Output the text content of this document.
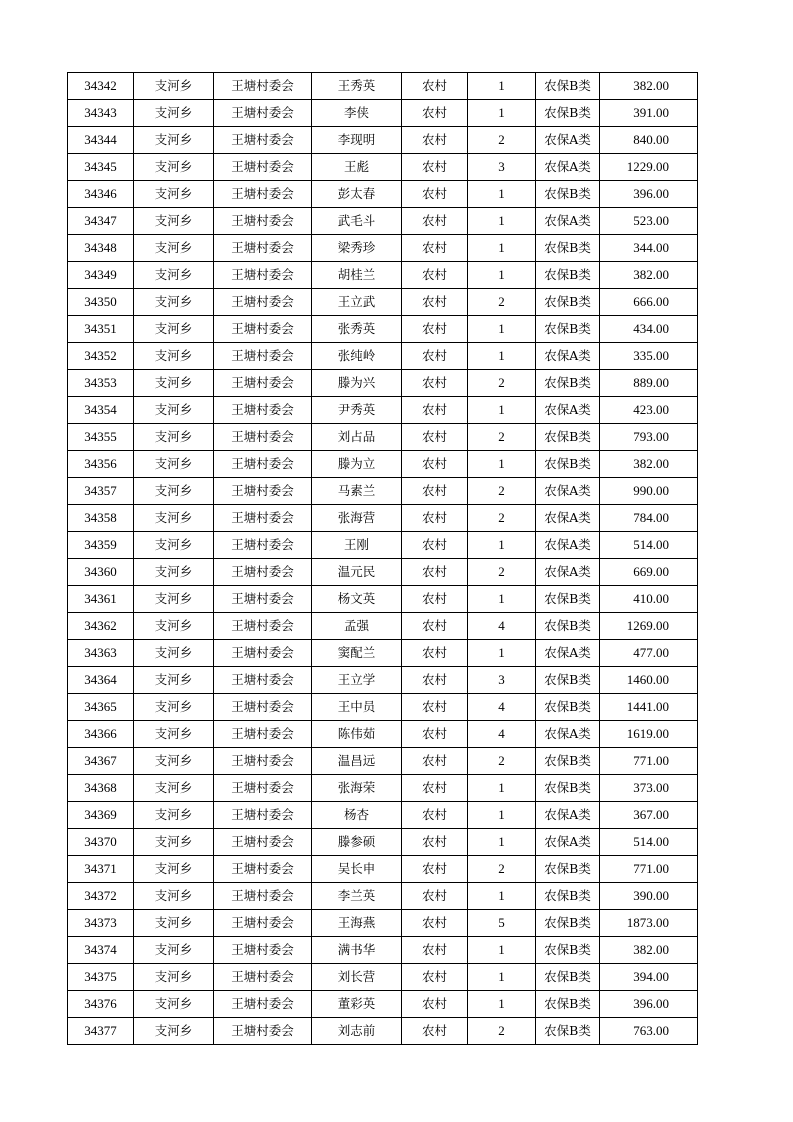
34342	支河乡	王塘村委会	王秀英	农村	1	农保B类	382.00
34343	支河乡	王塘村委会	李侠	农村	1	农保B类	391.00
34344	支河乡	王塘村委会	李现明	农村	2	农保A类	840.00
34345	支河乡	王塘村委会	王彪	农村	3	农保A类	1229.00
34346	支河乡	王塘村委会	彭太春	农村	1	农保B类	396.00
34347	支河乡	王塘村委会	武毛斗	农村	1	农保A类	523.00
34348	支河乡	王塘村委会	梁秀珍	农村	1	农保B类	344.00
34349	支河乡	王塘村委会	胡桂兰	农村	1	农保B类	382.00
34350	支河乡	王塘村委会	王立武	农村	2	农保B类	666.00
34351	支河乡	王塘村委会	张秀英	农村	1	农保B类	434.00
34352	支河乡	王塘村委会	张纯岭	农村	1	农保A类	335.00
34353	支河乡	王塘村委会	滕为兴	农村	2	农保B类	889.00
34354	支河乡	王塘村委会	尹秀英	农村	1	农保A类	423.00
34355	支河乡	王塘村委会	刘占品	农村	2	农保B类	793.00
34356	支河乡	王塘村委会	滕为立	农村	1	农保B类	382.00
34357	支河乡	王塘村委会	马素兰	农村	2	农保A类	990.00
34358	支河乡	王塘村委会	张海营	农村	2	农保A类	784.00
34359	支河乡	王塘村委会	王刚	农村	1	农保A类	514.00
34360	支河乡	王塘村委会	温元民	农村	2	农保A类	669.00
34361	支河乡	王塘村委会	杨文英	农村	1	农保B类	410.00
34362	支河乡	王塘村委会	孟强	农村	4	农保B类	1269.00
34363	支河乡	王塘村委会	窦配兰	农村	1	农保A类	477.00
34364	支河乡	王塘村委会	王立学	农村	3	农保B类	1460.00
34365	支河乡	王塘村委会	王中员	农村	4	农保B类	1441.00
34366	支河乡	王塘村委会	陈伟茹	农村	4	农保A类	1619.00
34367	支河乡	王塘村委会	温昌远	农村	2	农保B类	771.00
34368	支河乡	王塘村委会	张海荣	农村	1	农保B类	373.00
34369	支河乡	王塘村委会	杨杏	农村	1	农保A类	367.00
34370	支河乡	王塘村委会	滕参硕	农村	1	农保A类	514.00
34371	支河乡	王塘村委会	吴长申	农村	2	农保B类	771.00
34372	支河乡	王塘村委会	李兰英	农村	1	农保B类	390.00
34373	支河乡	王塘村委会	王海燕	农村	5	农保B类	1873.00
34374	支河乡	王塘村委会	满书华	农村	1	农保B类	382.00
34375	支河乡	王塘村委会	刘长营	农村	1	农保B类	394.00
34376	支河乡	王塘村委会	董彩英	农村	1	农保B类	396.00
34377	支河乡	王塘村委会	刘志前	农村	2	农保B类	763.00
